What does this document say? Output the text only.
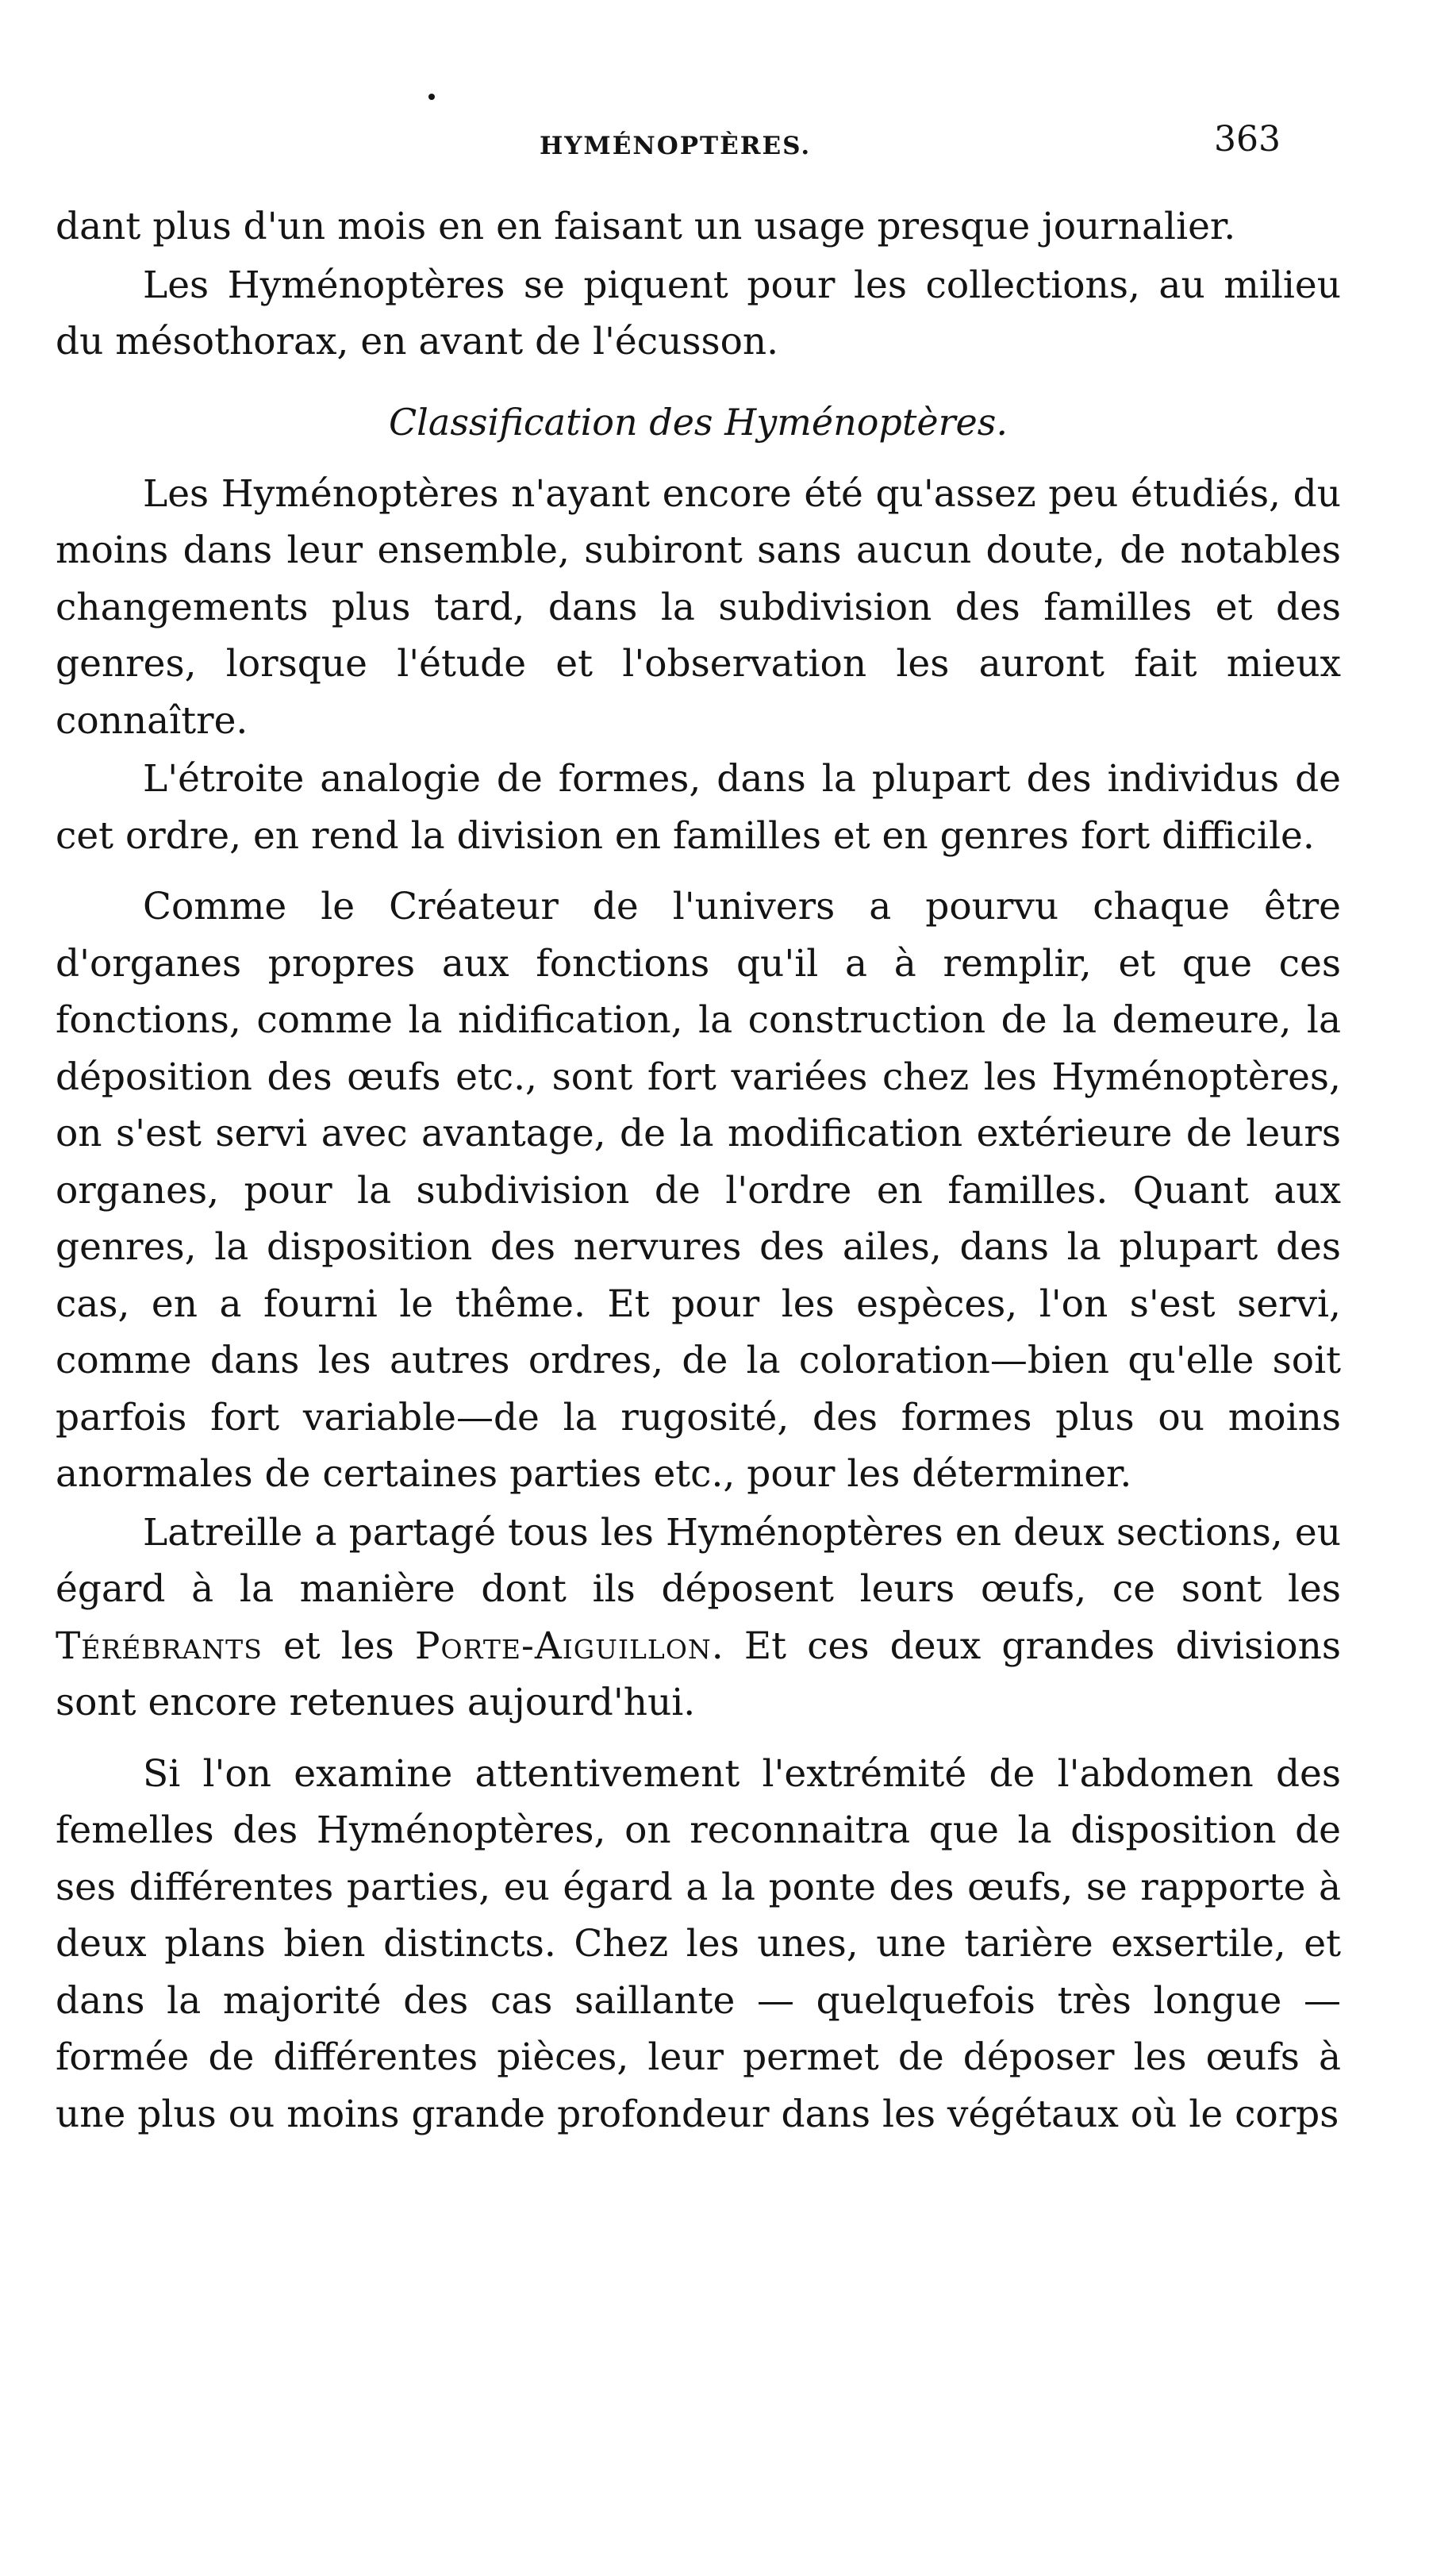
HYMÉNOPTÈRES.	363

dant plus d'un mois en en faisant un usage presque journalier.

Les Hyménoptères se piquent pour les collections, au milieu du mésothorax, en avant de l'écusson.

Classification des Hyménoptères.

Les Hyménoptères n'ayant encore été qu'assez peu étudiés, du moins dans leur ensemble, subiront sans aucun doute, de notables changements plus tard, dans la subdivision des familles et des genres, lorsque l'étude et l'observation les auront fait mieux connaître.

L'étroite analogie de formes, dans la plupart des individus de cet ordre, en rend la division en familles et en genres fort difficile.

Comme le Créateur de l'univers a pourvu chaque être d'organes propres aux fonctions qu'il a à remplir, et que ces fonctions, comme la nidification, la construction de la demeure, la déposition des œufs etc., sont fort variées chez les Hyménoptères, on s'est servi avec avantage, de la modification extérieure de leurs organes, pour la subdivision de l'ordre en familles. Quant aux genres, la disposition des nervures des ailes, dans la plupart des cas, en a fourni le thême. Et pour les espèces, l'on s'est servi, comme dans les autres ordres, de la coloration—bien qu'elle soit parfois fort variable—de la rugosité, des formes plus ou moins anormales de certaines parties etc., pour les déterminer.

Latreille a partagé tous les Hyménoptères en deux sections, eu égard à la manière dont ils déposent leurs œufs, ce sont les Térébrants et les Porte-Aiguillon. Et ces deux grandes divisions sont encore retenues aujourd'hui.

Si l'on examine attentivement l'extrémité de l'abdomen des femelles des Hyménoptères, on reconnaitra que la disposition de ses différentes parties, eu égard a la ponte des œufs, se rapporte à deux plans bien distincts. Chez les unes, une tarière exsertile, et dans la majorité des cas saillante — quelquefois très longue — formée de différentes pièces, leur permet de déposer les œufs à une plus ou moins grande profondeur dans les végétaux où le corps
